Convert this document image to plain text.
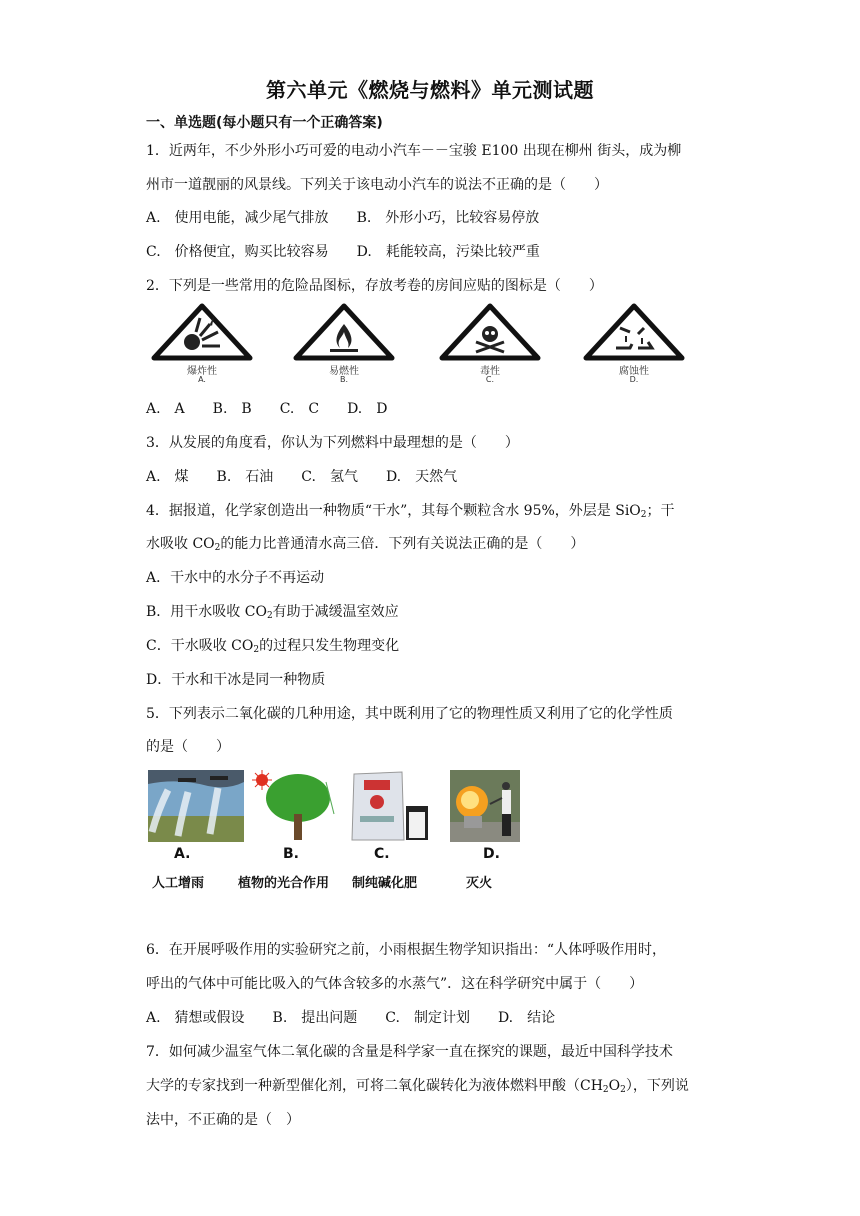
第六单元《燃烧与燃料》单元测试题
一、单选题(每小题只有一个正确答案)
1．近两年，不少外形小巧可爱的电动小汽车－－宝骏 E100 出现在柳州 街头，成为柳
州市一道靓丽的风景线。下列关于该电动小汽车的说法不正确的是（　　）
A.　使用电能，减少尾气排放 B.　外形小巧，比较容易停放
C.　价格便宜，购买比较容易 D.　耗能较高，污染比较严重
2．下列是一些常用的危险品图标，存放考卷的房间应贴的图标是（　　）
爆炸性
A.
易燃性
B.
毒性
C.
腐蚀性
D.
A.　A　　B.　B　　C.　C　　D.　D
3．从发展的角度看，你认为下列燃料中最理想的是（　　）
A.　煤　　B.　石油　　C.　氢气　　D.　天然气
4．据报道，化学家创造出一种物质“干水”，其每个颗粒含水 95%，外层是 SiO$_2$；干
水吸收 $CO_2$的能力比普通清水高三倍．下列有关说法正确的是（　　）
A．干水中的水分子不再运动
B．用干水吸收 $CO_2$有助于减缓温室效应
C．干水吸收 $CO_2$的过程只发生物理变化
D．干水和干冰是同一种物质
5．下列表示二氧化碳的几种用途，其中既利用了它的物理性质又利用了它的化学性质
的是（　　）
A.	B.	C.	D.
人工增雨	植物的光合作用 制纯碱化肥	灭火
6．在开展呼吸作用的实验研究之前，小雨根据生物学知识指出：“人体呼吸作用时，
呼出的气体中可能比吸入的气体含较多的水蒸气”．这在科学研究中属于（　　）
A.　猜想或假设　　B.　提出问题　　C.　制定计划　　D.　结论
7．如何减少温室气体二氧化碳的含量是科学家一直在探究的课题，最近中国科学技术
大学的专家找到一种新型催化剂，可将二氧化碳转化为液体燃料甲酸$(CH_2O_2)$，下列说
法中，不正确的是（　）
